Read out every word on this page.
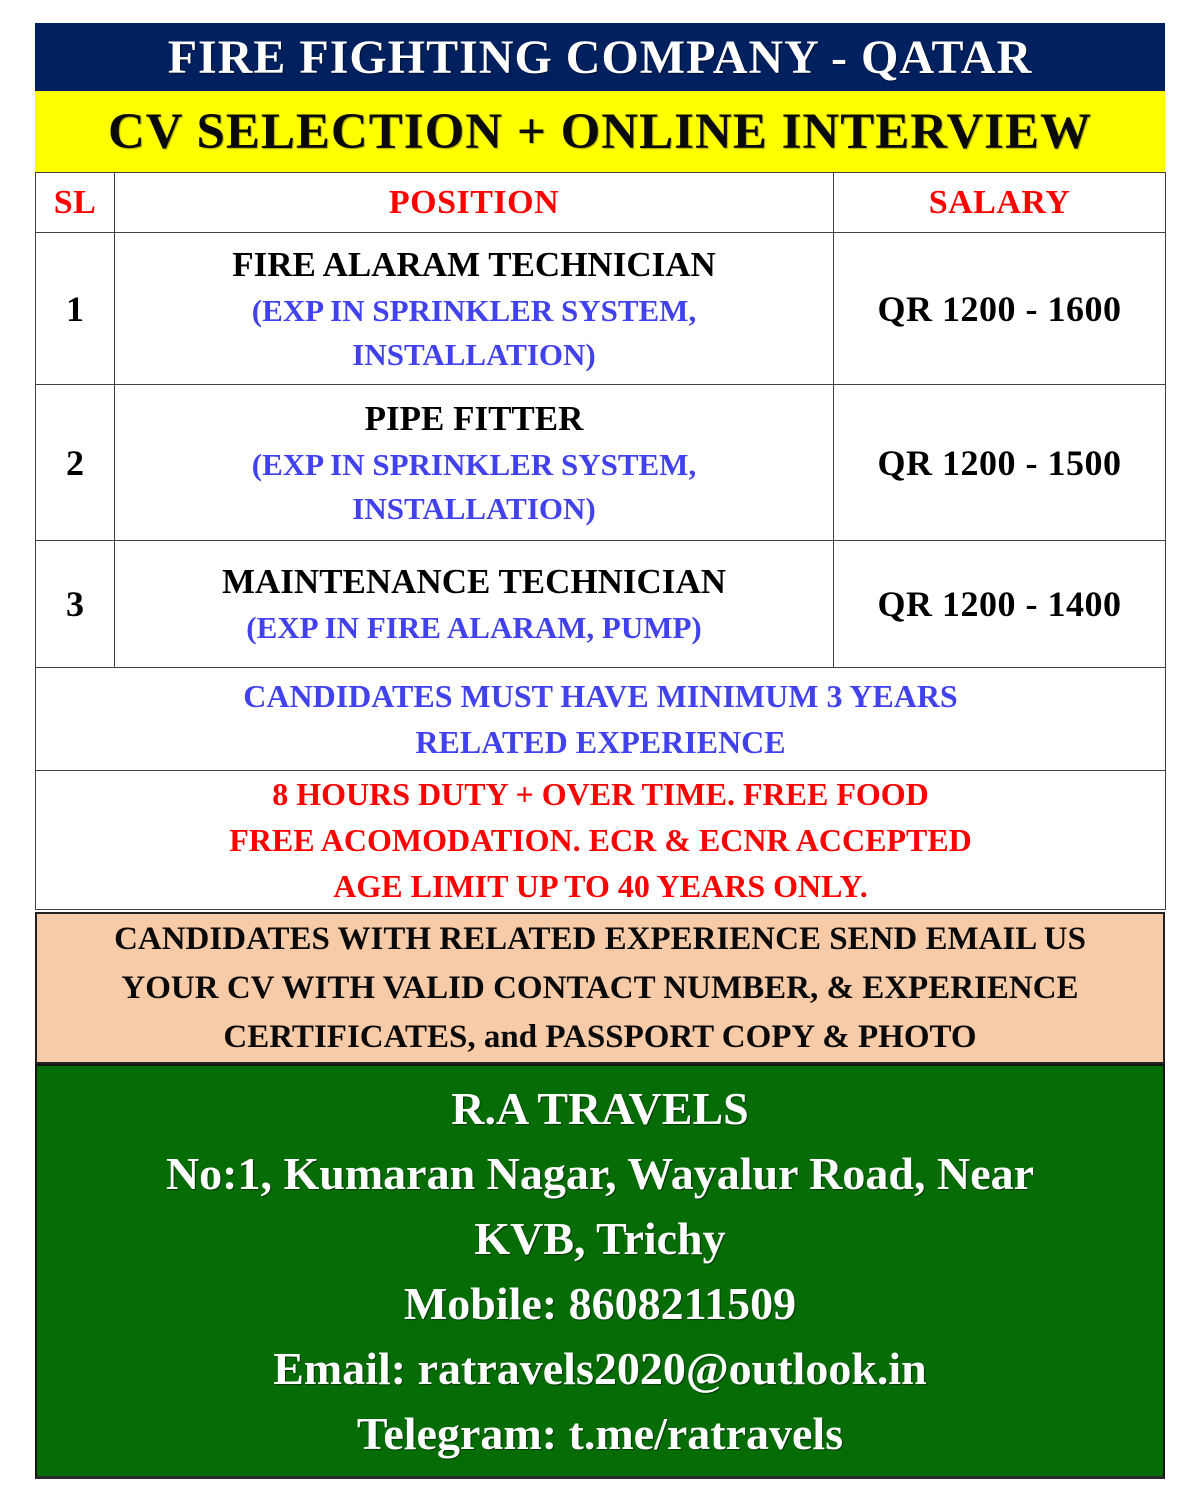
FIRE FIGHTING COMPANY - QATAR
CV SELECTION + ONLINE INTERVIEW
SL	POSITION	SALARY
1	FIRE ALARAM TECHNICIAN
(EXP IN SPRINKLER SYSTEM,
INSTALLATION)	QR 1200 - 1600
2	PIPE FITTER
(EXP IN SPRINKLER SYSTEM,
INSTALLATION)	QR 1200 - 1500
3	MAINTENANCE TECHNICIAN
(EXP IN FIRE ALARAM, PUMP)	QR 1200 - 1400

CANDIDATES MUST HAVE MINIMUM 3 YEARS
RELATED EXPERIENCE		

8 HOURS DUTY + OVER TIME. FREE FOOD
FREE ACOMODATION. ECR & ECNR ACCEPTED
AGE LIMIT UP TO 40 YEARS ONLY.		
CANDIDATES WITH RELATED EXPERIENCE SEND EMAIL US
YOUR CV WITH VALID CONTACT NUMBER, & EXPERIENCE
CERTIFICATES, and PASSPORT COPY & PHOTO
R.A TRAVELS
No:1, Kumaran Nagar, Wayalur Road, Near
KVB, Trichy
Mobile: 8608211509
Email: ratravels2020@outlook.in
Telegram: t.me/ratravels
